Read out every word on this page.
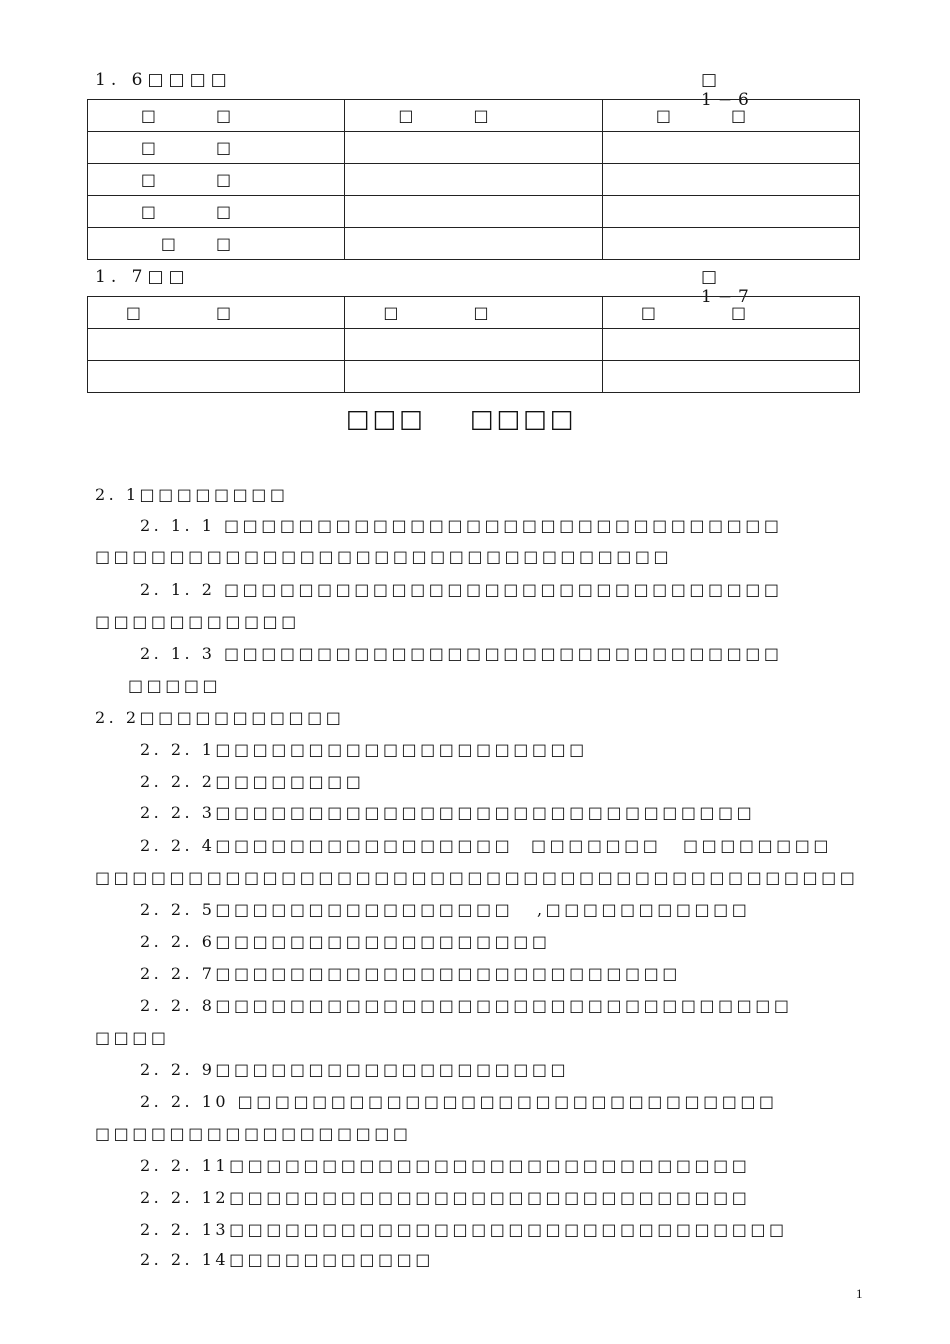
1. 6□□□□	□ 1−6
□□	□□	□□
□□		
□□		
□□		
□□		
1. 7□□	□ 1−7
□□	□□	□□

□□□ □□□□
2. 1□□□□□□□□
2. 1. 1 □□□□□□□□□□□□□□□□□□□□□□□□□□□□□□
□□□□□□□□□□□□□□□□□□□□□□□□□□□□□□□
2. 1. 2 □□□□□□□□□□□□□□□□□□□□□□□□□□□□□□
□□□□□□□□□□□
2. 1. 3 □□□□□□□□□□□□□□□□□□□□□□□□□□□□□□
□□□□□
2. 2□□□□□□□□□□□
2. 2. 1□□□□□□□□□□□□□□□□□□□□
2. 2. 2□□□□□□□□
2. 2. 3□□□□□□□□□□□□□□□□□□□□□□□□□□□□□
2. 2. 4□□□□□□□□□□□□□□□□ □□□□□□□ □□□□□□□□
□□□□□□□□□□□□□□□□□□□□□□□□□□□□□□□□□□□□□□□□□
2. 2. 5□□□□□□□□□□□□□□□□ ,□□□□□□□□□□□
2. 2. 6□□□□□□□□□□□□□□□□□□
2. 2. 7□□□□□□□□□□□□□□□□□□□□□□□□□
2. 2. 8□□□□□□□□□□□□□□□□□□□□□□□□□□□□□□□
□□□□
2. 2. 9□□□□□□□□□□□□□□□□□□□
2. 2. 10 □□□□□□□□□□□□□□□□□□□□□□□□□□□□□
□□□□□□□□□□□□□□□□□
2. 2. 11□□□□□□□□□□□□□□□□□□□□□□□□□□□□
2. 2. 12□□□□□□□□□□□□□□□□□□□□□□□□□□□□
2. 2. 13□□□□□□□□□□□□□□□□□□□□□□□□□□□□□□
2. 2. 14□□□□□□□□□□□
1
